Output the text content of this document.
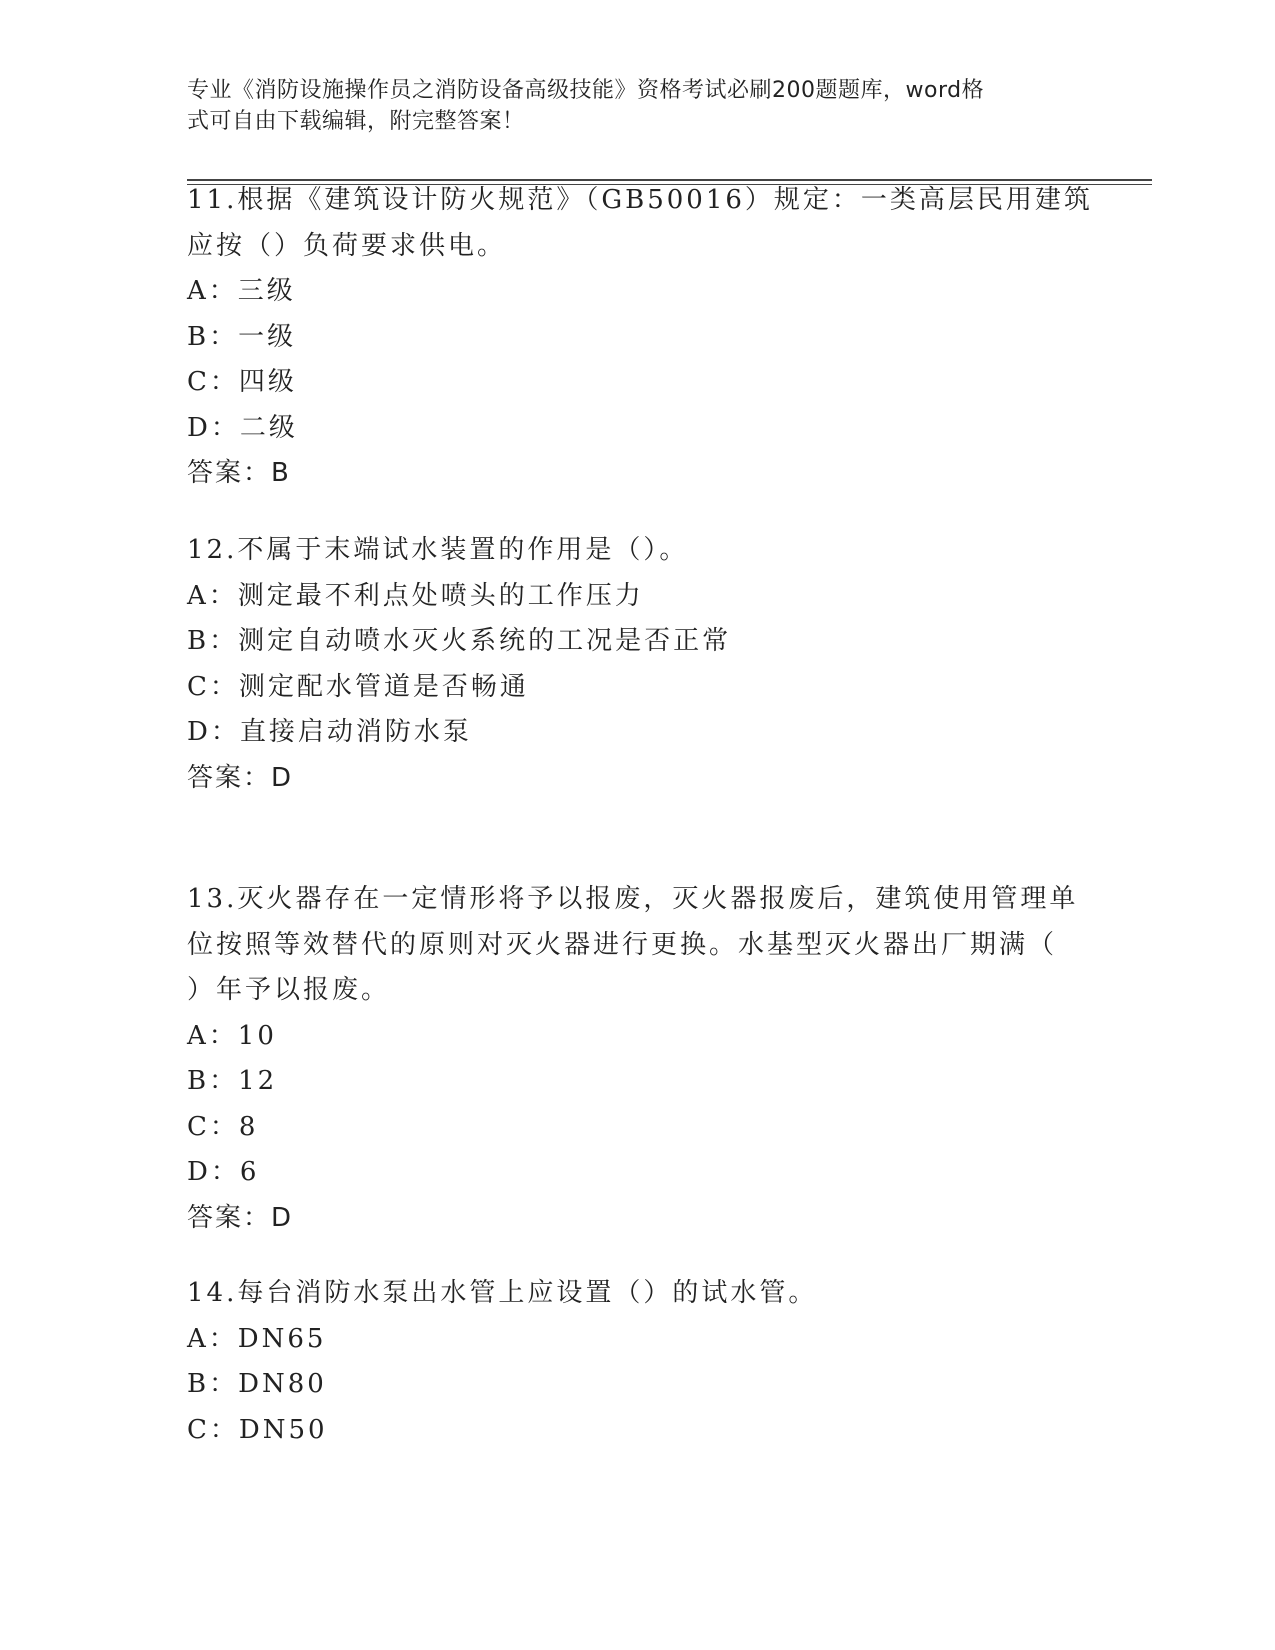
专业《消防设施操作员之消防设备高级技能》资格考试必刷200题题库，word格
式可自由下载编辑，附完整答案！
11.根据《建筑设计防火规范》（GB50016）规定：一类高层民用建筑
应按（）负荷要求供电。
A：三级
B：一级
C：四级
D：二级
答案：B
12.不属于末端试水装置的作用是（）。
A：测定最不利点处喷头的工作压力
B：测定自动喷水灭火系统的工况是否正常
C：测定配水管道是否畅通
D：直接启动消防水泵
答案：D
13.灭火器存在一定情形将予以报废，灭火器报废后，建筑使用管理单
位按照等效替代的原则对灭火器进行更换。水基型灭火器出厂期满（
）年予以报废。
A：10
B：12
C：8
D：6
答案：D
14.每台消防水泵出水管上应设置（）的试水管。
A：DN65
B：DN80
C：DN50
